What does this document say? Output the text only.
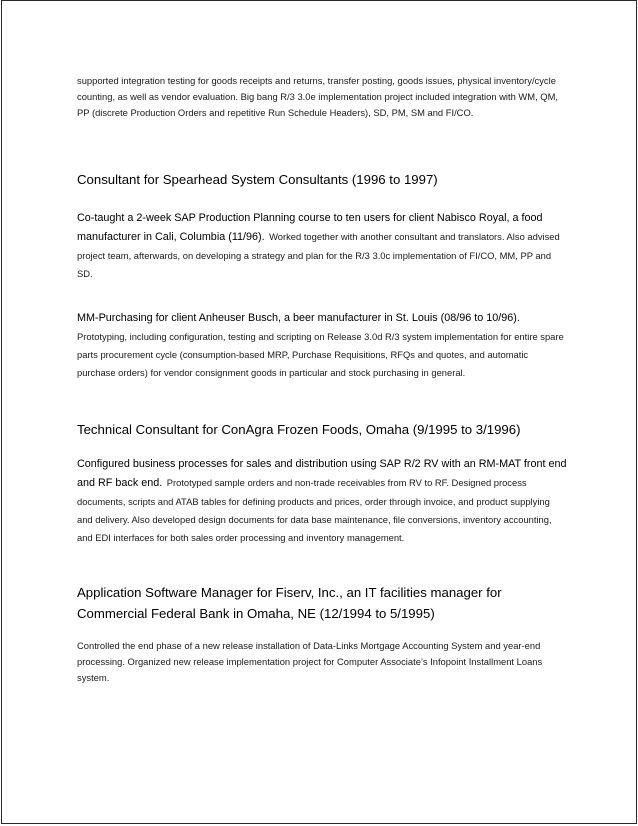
supported integration testing for goods receipts and returns, transfer posting, goods issues, physical inventory/cycle counting, as well as vendor evaluation. Big bang R/3 3.0e implementation project included integration with WM, QM, PP (discrete Production Orders and repetitive Run Schedule Headers), SD, PM, SM and FI/CO.

Consultant for Spearhead System Consultants (1996 to 1997)

Co-taught a 2-week SAP Production Planning course to ten users for client Nabisco Royal, a food manufacturer in Cali, Columbia (11/96). Worked together with another consultant and translators. Also advised project team, afterwards, on developing a strategy and plan for the R/3 3.0c implementation of FI/CO, MM, PP and SD.

MM-Purchasing for client Anheuser Busch, a beer manufacturer in St. Louis (08/96 to 10/96). Prototyping, including configuration, testing and scripting on Release 3.0d R/3 system implementation for entire spare parts procurement cycle (consumption-based MRP, Purchase Requisitions, RFQs and quotes, and automatic purchase orders) for vendor consignment goods in particular and stock purchasing in general.

Technical Consultant for ConAgra Frozen Foods, Omaha (9/1995 to 3/1996)

Configured business processes for sales and distribution using SAP R/2 RV with an RM-MAT front end and RF back end. Prototyped sample orders and non-trade receivables from RV to RF. Designed process documents, scripts and ATAB tables for defining products and prices, order through invoice, and product supplying and delivery. Also developed design documents for data base maintenance, file conversions, inventory accounting, and EDI interfaces for both sales order processing and inventory management.

Application Software Manager for Fiserv, Inc., an IT facilities manager for Commercial Federal Bank in Omaha, NE (12/1994 to 5/1995)

Controlled the end phase of a new release installation of Data-Links Mortgage Accounting System and year-end processing. Organized new release implementation project for Computer Associate’s Infopoint Installment Loans system.
